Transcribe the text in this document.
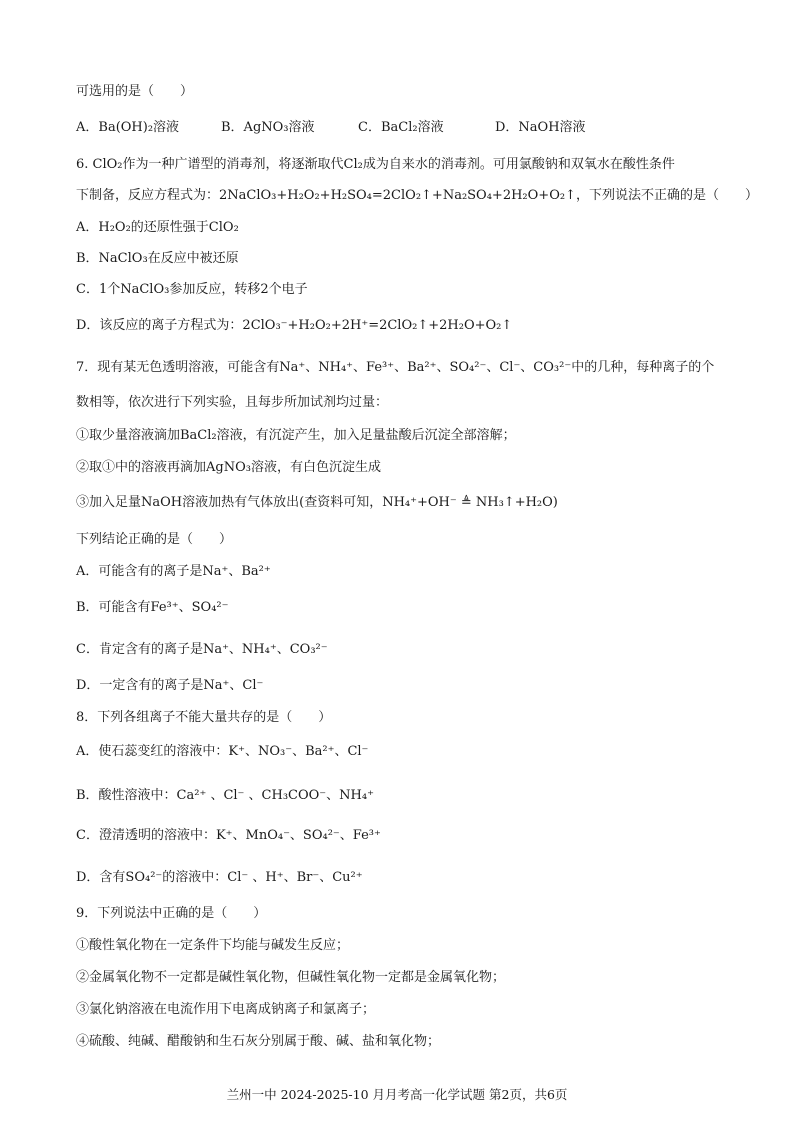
可选用的是（　　）
A．Ba(OH)₂溶液	B．AgNO₃溶液	C．BaCl₂溶液	D．NaOH溶液
6. ClO₂作为一种广谱型的消毒剂，将逐渐取代Cl₂成为自来水的消毒剂。可用氯酸钠和双氧水在酸性条件
下制备，反应方程式为：2NaClO₃+H₂O₂+H₂SO₄=2ClO₂↑+Na₂SO₄+2H₂O+O₂↑，下列说法不正确的是（　　）
A．H₂O₂的还原性强于ClO₂
B．NaClO₃在反应中被还原
C．1个NaClO₃参加反应，转移2个电子
D．该反应的离子方程式为：2ClO₃⁻+H₂O₂+2H⁺=2ClO₂↑+2H₂O+O₂↑
7．现有某无色透明溶液，可能含有Na⁺、NH₄⁺、Fe³⁺、Ba²⁺、SO₄²⁻、Cl⁻、CO₃²⁻中的几种，每种离子的个
数相等，依次进行下列实验，且每步所加试剂均过量：
①取少量溶液滴加BaCl₂溶液，有沉淀产生，加入足量盐酸后沉淀全部溶解；
②取①中的溶液再滴加AgNO₃溶液，有白色沉淀生成
③加入足量NaOH溶液加热有气体放出(查资料可知，NH₄⁺+OH⁻ ≜ NH₃↑+H₂O)
下列结论正确的是（　　）
A．可能含有的离子是Na⁺、Ba²⁺
B．可能含有Fe³⁺、SO₄²⁻
C．肯定含有的离子是Na⁺、NH₄⁺、CO₃²⁻
D．一定含有的离子是Na⁺、Cl⁻
8．下列各组离子不能大量共存的是（　　）
A．使石蕊变红的溶液中：K⁺、NO₃⁻、Ba²⁺、Cl⁻
B．酸性溶液中：Ca²⁺ 、Cl⁻ 、CH₃COO⁻、NH₄⁺
C．澄清透明的溶液中：K⁺、MnO₄⁻、SO₄²⁻、Fe³⁺
D．含有SO₄²⁻的溶液中：Cl⁻ 、H⁺、Br⁻、Cu²⁺
9．下列说法中正确的是（　　）
①酸性氧化物在一定条件下均能与碱发生反应；
②金属氧化物不一定都是碱性氧化物，但碱性氧化物一定都是金属氧化物；
③氯化钠溶液在电流作用下电离成钠离子和氯离子；
④硫酸、纯碱、醋酸钠和生石灰分别属于酸、碱、盐和氧化物；
兰州一中 2024-2025-10 月月考高一化学试题 第2页，共6页
